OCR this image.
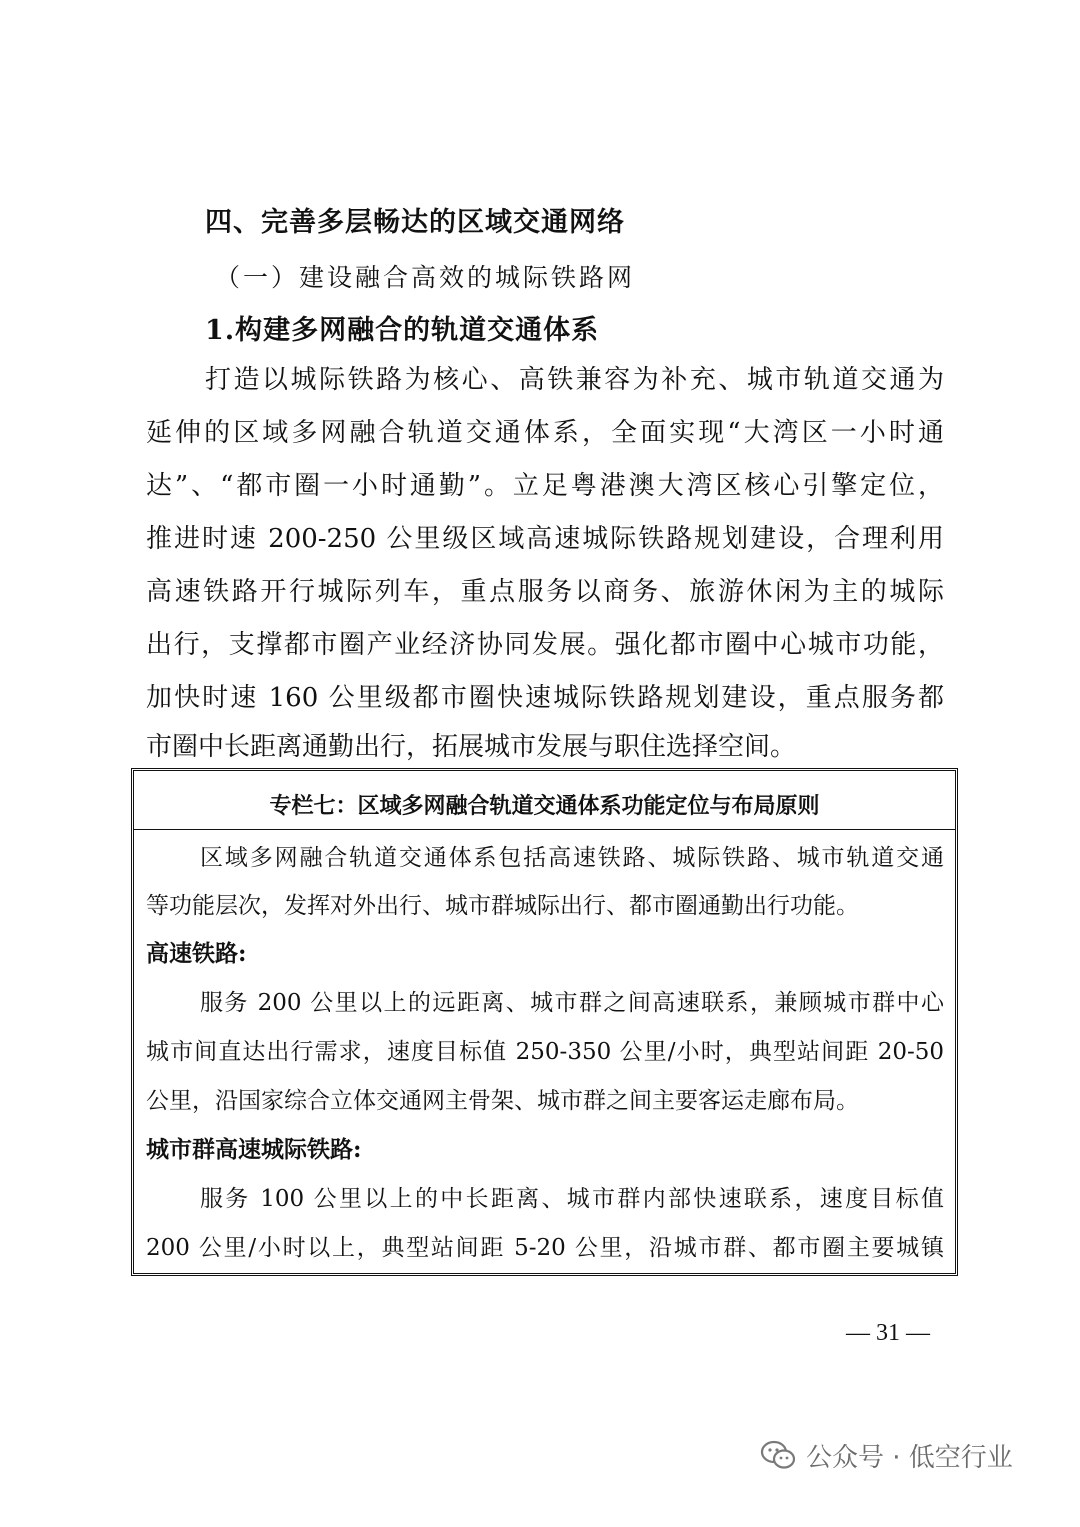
四、完善多层畅达的区域交通网络
（一）建设融合高效的城际铁路网
1.构建多网融合的轨道交通体系
打造以城际铁路为核心、高铁兼容为补充、城市轨道交通为
延伸的区域多网融合轨道交通体系，全面实现“大湾区一小时通
达”、“都市圈一小时通勤”。立足粤港澳大湾区核心引擎定位，
推进时速 200-250 公里级区域高速城际铁路规划建设，合理利用
高速铁路开行城际列车，重点服务以商务、旅游休闲为主的城际
出行，支撑都市圈产业经济协同发展。强化都市圈中心城市功能，
加快时速 160 公里级都市圈快速城际铁路规划建设，重点服务都
市圈中长距离通勤出行，拓展城市发展与职住选择空间。
专栏七：区域多网融合轨道交通体系功能定位与布局原则
区域多网融合轨道交通体系包括高速铁路、城际铁路、城市轨道交通
等功能层次，发挥对外出行、城市群城际出行、都市圈通勤出行功能。
高速铁路:
服务 200 公里以上的远距离、城市群之间高速联系，兼顾城市群中心
城市间直达出行需求，速度目标值 250-350 公里/小时，典型站间距 20-50
公里，沿国家综合立体交通网主骨架、城市群之间主要客运走廊布局。
城市群高速城际铁路:
服务 100 公里以上的中长距离、城市群内部快速联系，速度目标值
200 公里/小时以上，典型站间距 5-20 公里，沿城市群、都市圈主要城镇
— 31 —
公众号 · 低空行业
